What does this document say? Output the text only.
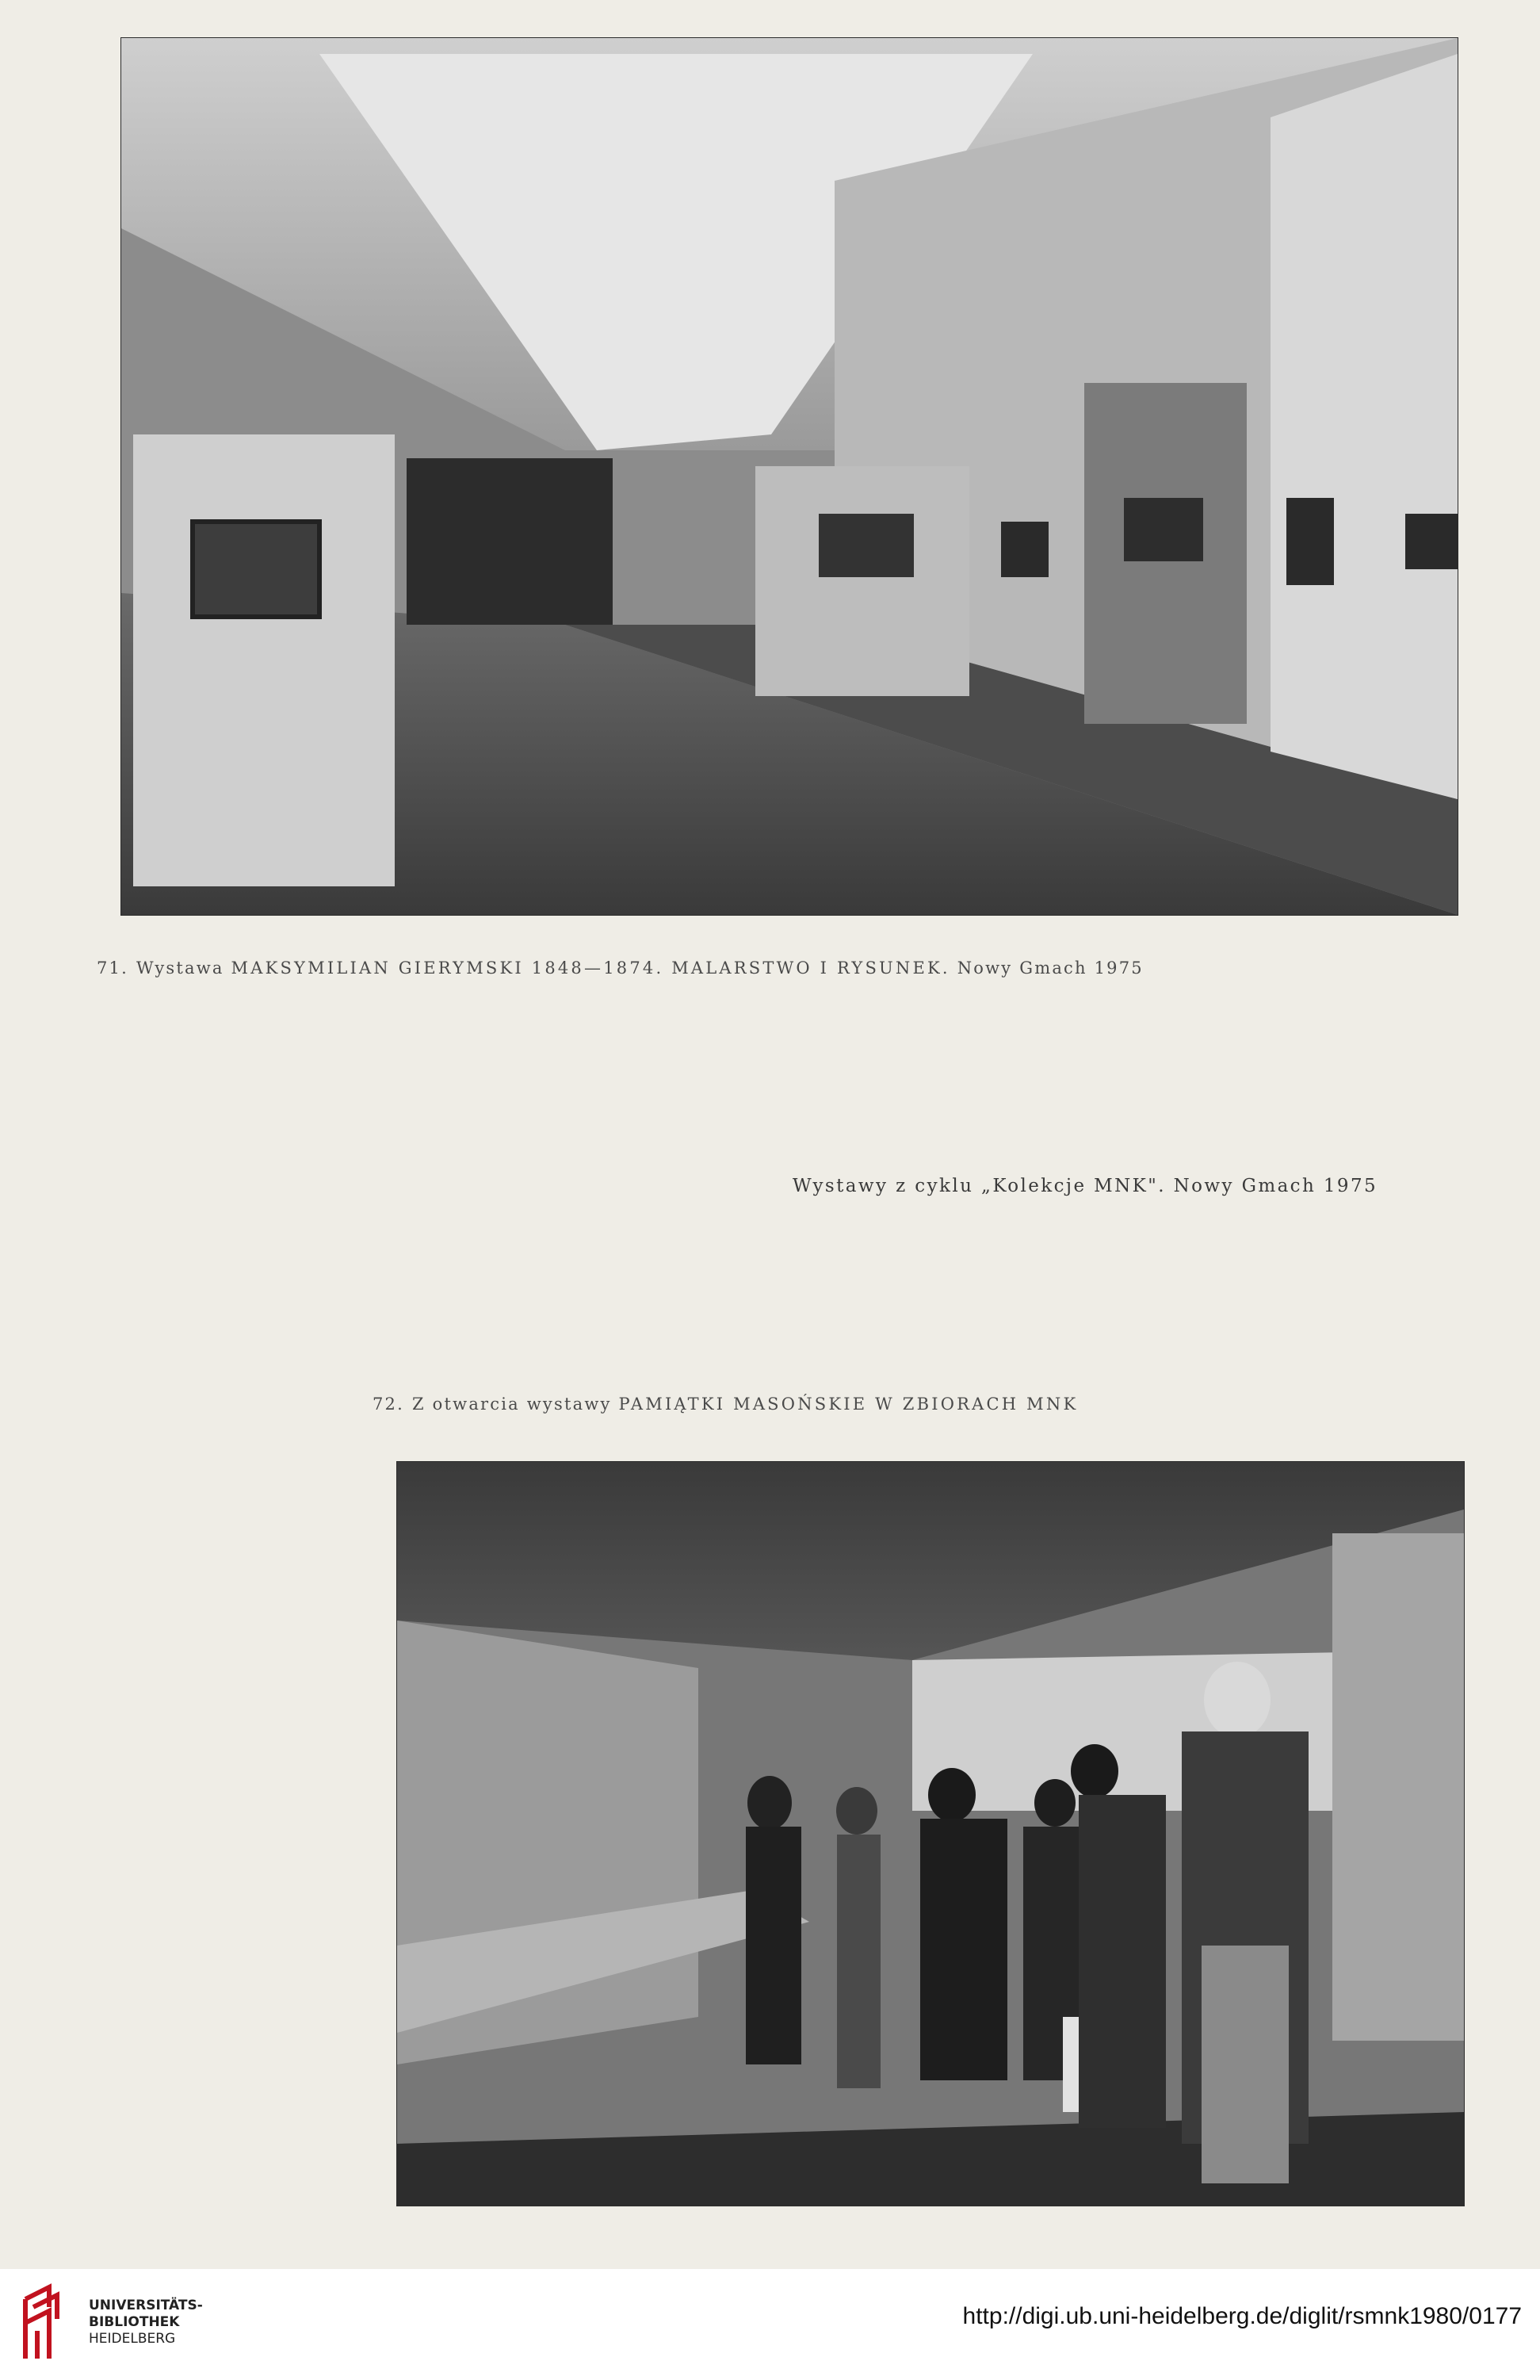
71. Wystawa MAKSYMILIAN GIERYMSKI 1848—1874. MALARSTWO I RYSUNEK. Nowy Gmach 1975
Wystawy z cyklu „Kolekcje MNK". Nowy Gmach 1975
72. Z otwarcia wystawy PAMIĄTKI MASOŃSKIE W ZBIORACH MNK
UNIVERSITÄTS-
BIBLIOTHEK
HEIDELBERG
http://digi.ub.uni-heidelberg.de/diglit/rsmnk1980/0177
